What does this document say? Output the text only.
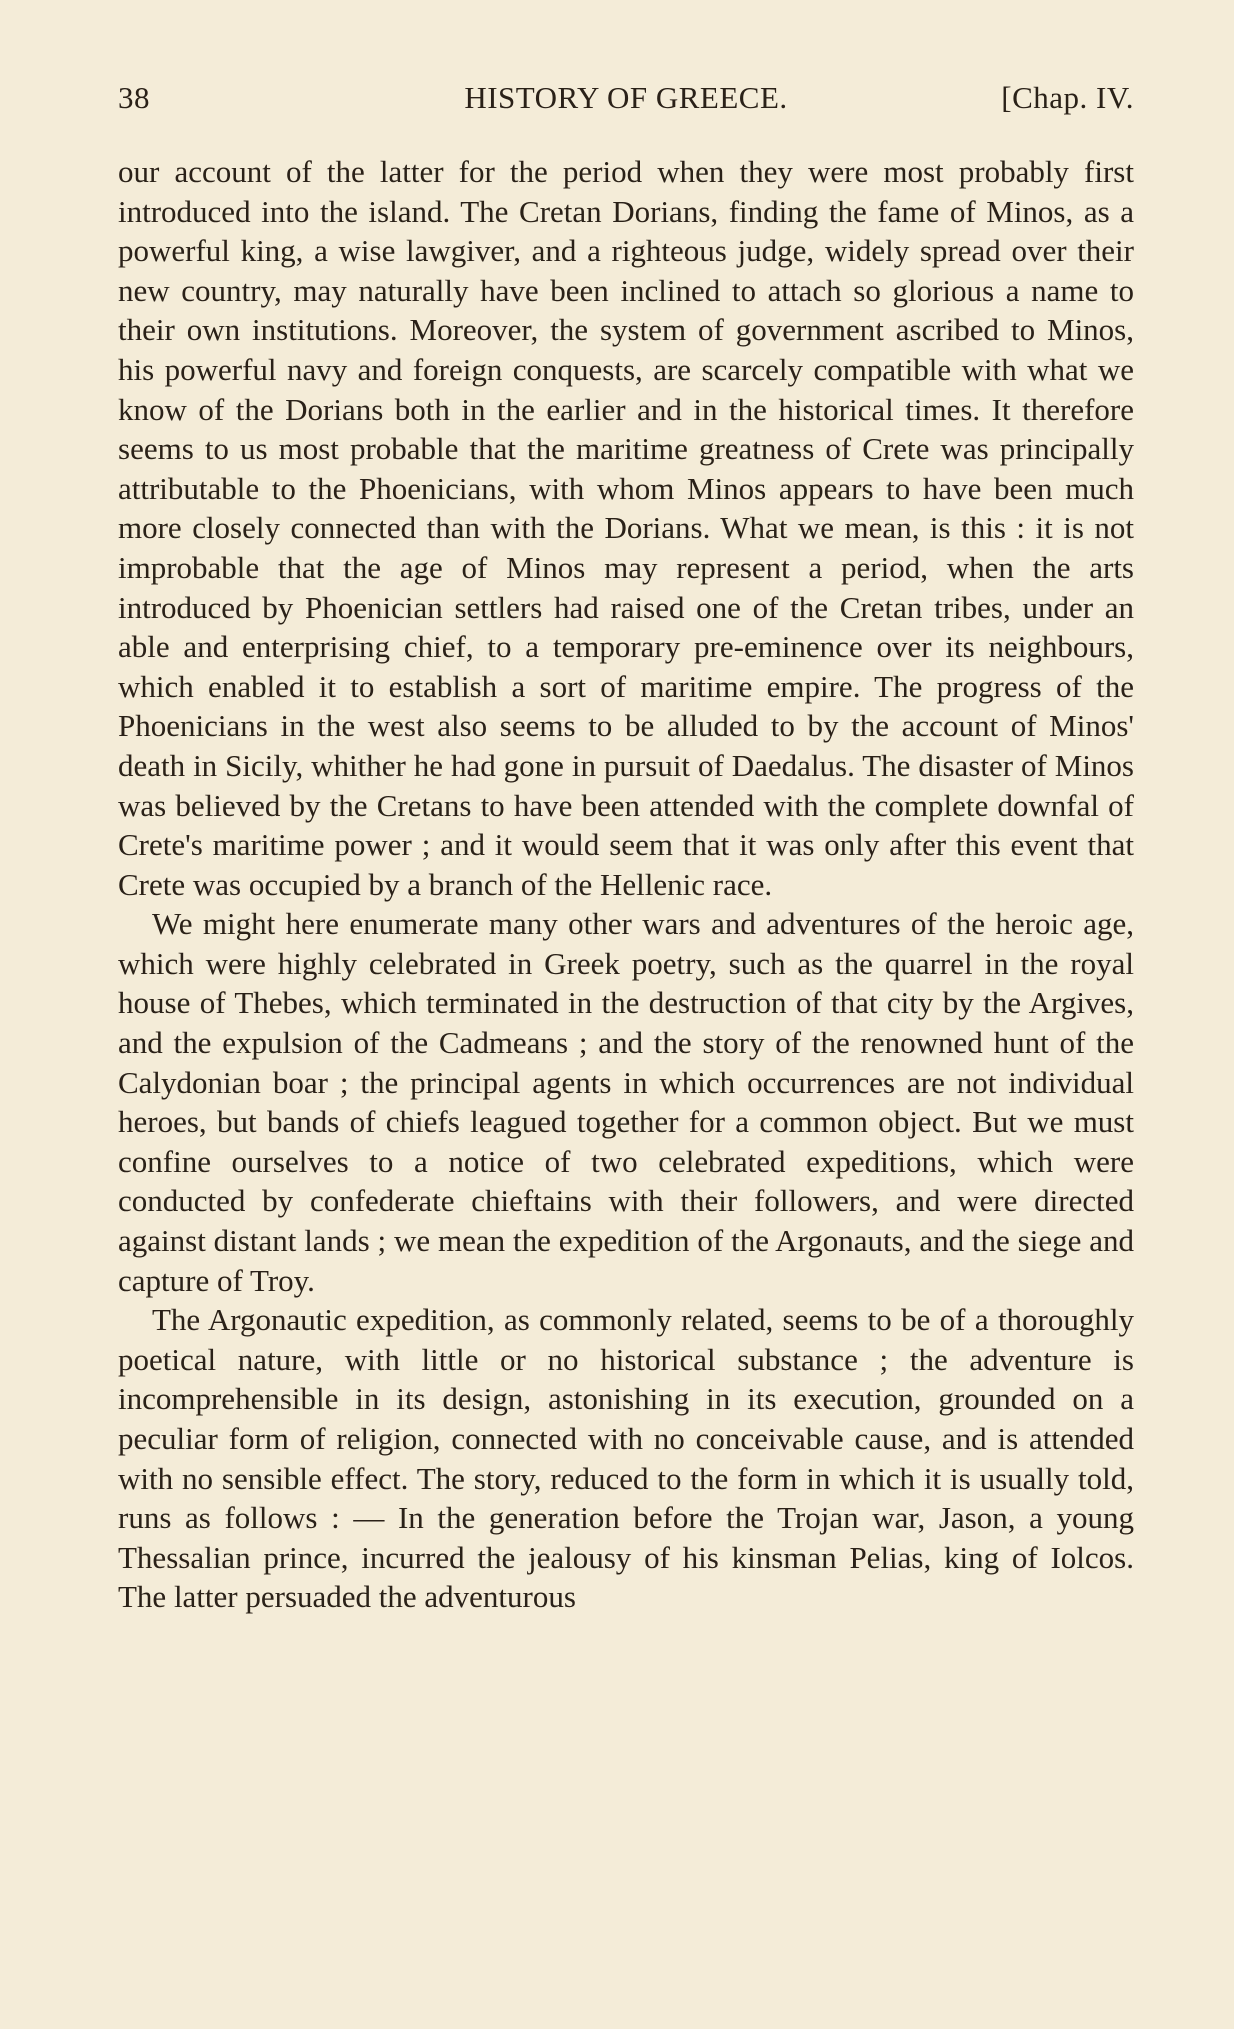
38	HISTORY OF GREECE.	[Chap. IV.

our account of the latter for the period when they were most probably first introduced into the island. The Cretan Dorians, finding the fame of Minos, as a powerful king, a wise lawgiver, and a righteous judge, widely spread over their new country, may naturally have been inclined to attach so glorious a name to their own institutions. Moreover, the system of government ascribed to Minos, his powerful navy and foreign conquests, are scarcely compatible with what we know of the Dorians both in the earlier and in the historical times. It therefore seems to us most probable that the maritime greatness of Crete was principally attributable to the Phoenicians, with whom Minos appears to have been much more closely connected than with the Dorians. What we mean, is this : it is not improbable that the age of Minos may represent a period, when the arts introduced by Phoenician settlers had raised one of the Cretan tribes, under an able and enterprising chief, to a temporary pre-eminence over its neighbours, which enabled it to establish a sort of maritime empire. The progress of the Phoenicians in the west also seems to be alluded to by the account of Minos' death in Sicily, whither he had gone in pursuit of Daedalus. The disaster of Minos was believed by the Cretans to have been attended with the complete downfal of Crete's maritime power ; and it would seem that it was only after this event that Crete was occupied by a branch of the Hellenic race.

We might here enumerate many other wars and adventures of the heroic age, which were highly celebrated in Greek poetry, such as the quarrel in the royal house of Thebes, which terminated in the destruction of that city by the Argives, and the expulsion of the Cadmeans ; and the story of the renowned hunt of the Calydonian boar ; the principal agents in which occurrences are not individual heroes, but bands of chiefs leagued together for a common object. But we must confine ourselves to a notice of two celebrated expeditions, which were conducted by confederate chieftains with their followers, and were directed against distant lands ; we mean the expedition of the Argonauts, and the siege and capture of Troy.

The Argonautic expedition, as commonly related, seems to be of a thoroughly poetical nature, with little or no historical substance ; the adventure is incomprehensible in its design, astonishing in its execution, grounded on a peculiar form of religion, connected with no conceivable cause, and is attended with no sensible effect. The story, reduced to the form in which it is usually told, runs as follows : — In the generation before the Trojan war, Jason, a young Thessalian prince, incurred the jealousy of his kinsman Pelias, king of Iolcos. The latter persuaded the adventurous
